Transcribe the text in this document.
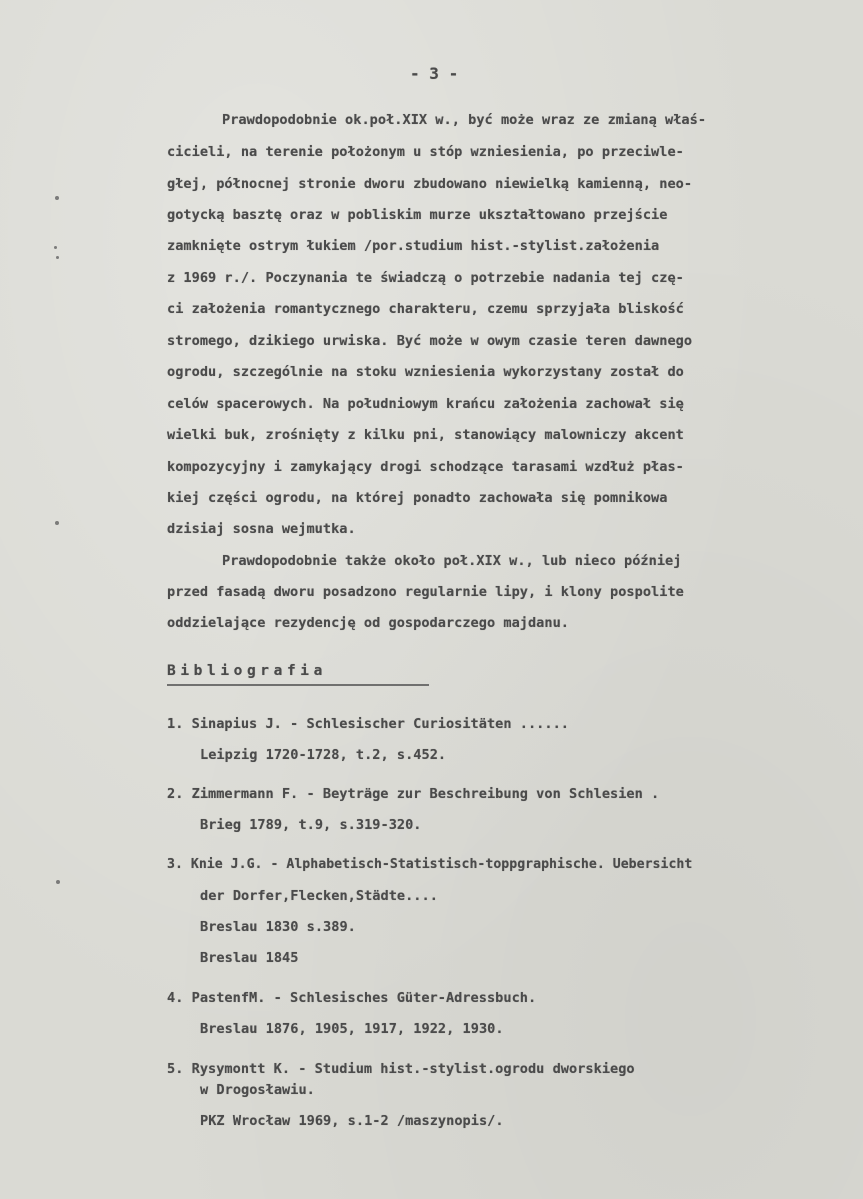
- 3 -
Prawdopodobnie ok.poł.XIX w., być może wraz ze zmianą właś-
cicieli, na terenie położonym u stóp wzniesienia, po przeciwle-
głej, północnej stronie dworu zbudowano niewielką kamienną, neo-
gotycką basztę oraz w pobliskim murze ukształtowano przejście
zamknięte ostrym łukiem /por.studium hist.-stylist.założenia
z 1969 r./. Poczynania te świadczą o potrzebie nadania tej czę-
ci założenia romantycznego charakteru, czemu sprzyjała bliskość
stromego, dzikiego urwiska. Być może w owym czasie teren dawnego
ogrodu, szczególnie na stoku wzniesienia wykorzystany został do
celów spacerowych. Na południowym krańcu założenia zachował się
wielki buk, zrośnięty z kilku pni, stanowiący malowniczy akcent
kompozycyjny i zamykający drogi schodzące tarasami wzdłuż płas-
kiej części ogrodu, na której ponadto zachowała się pomnikowa
dzisiaj sosna wejmutka.
Prawdopodobnie także około poł.XIX w., lub nieco później
przed fasadą dworu posadzono regularnie lipy, i klony pospolite
oddzielające rezydencję od gospodarczego majdanu.
Bibliografia
1. Sinapius J. - Schlesischer Curiositäten ......
Leipzig 1720-1728, t.2, s.452.
2. Zimmermann F. - Beyträge zur Beschreibung von Schlesien .
Brieg 1789, t.9, s.319-320.
3. Knie J.G. - Alphabetisch-Statistisch-toppgraphische. Uebersicht
der Dorfer,Flecken,Städte....
Breslau 1830 s.389.
Breslau 1845
4. PastenfM. - Schlesisches Güter-Adressbuch.
Breslau 1876, 1905, 1917, 1922, 1930.
5. Rysymontt K. - Studium hist.-stylist.ogrodu dworskiego
w Drogosławiu.
PKZ Wrocław 1969, s.1-2 /maszynopis/.
